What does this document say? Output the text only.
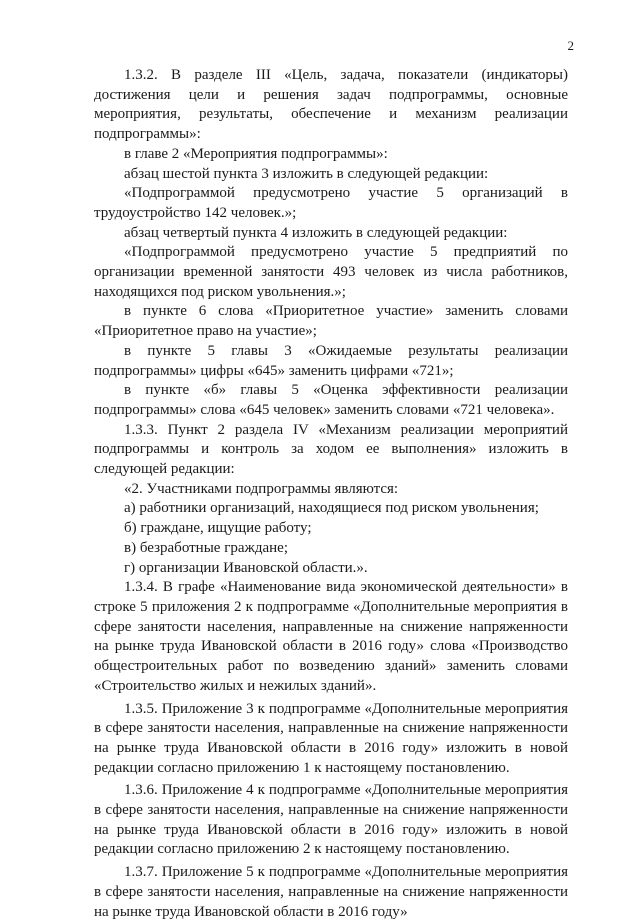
2

1.3.2. В разделе III «Цель, задача, показатели (индикаторы) достижения цели и решения задач подпрограммы, основные мероприятия, результаты, обеспечение и механизм реализации подпрограммы»:

в главе 2 «Мероприятия подпрограммы»:

абзац шестой пункта 3 изложить в следующей редакции:

«Подпрограммой предусмотрено участие 5 организаций в трудоустройство 142 человек.»;

абзац четвертый пункта 4 изложить в следующей редакции:

«Подпрограммой предусмотрено участие 5 предприятий по организации временной занятости 493 человек из числа работников, находящихся под риском увольнения.»;

в пункте 6 слова «Приоритетное участие» заменить словами «Приоритетное право на участие»;

в пункте 5 главы 3 «Ожидаемые результаты реализации подпрограммы» цифры «645» заменить цифрами «721»;

в пункте «б» главы 5 «Оценка эффективности реализации подпрограммы» слова «645 человек» заменить словами «721 человека».

1.3.3. Пункт 2 раздела IV «Механизм реализации мероприятий подпрограммы и контроль за ходом ее выполнения» изложить в следующей редакции:

«2. Участниками подпрограммы являются:

а) работники организаций, находящиеся под риском увольнения;

б) граждане, ищущие работу;

в) безработные граждане;

г) организации Ивановской области.».

1.3.4. В графе «Наименование вида экономической деятельности» в строке 5 приложения 2 к подпрограмме «Дополнительные мероприятия в сфере занятости населения, направленные на снижение напряженности на рынке труда Ивановской области в 2016 году» слова «Производство общестроительных работ по возведению зданий» заменить словами «Строительство жилых и нежилых зданий».

1.3.5. Приложение 3 к подпрограмме «Дополнительные мероприятия в сфере занятости населения, направленные на снижение напряженности на рынке труда Ивановской области в 2016 году» изложить в новой редакции согласно приложению 1 к настоящему постановлению.

1.3.6. Приложение 4 к подпрограмме «Дополнительные мероприятия в сфере занятости населения, направленные на снижение напряженности на рынке труда Ивановской области в 2016 году» изложить в новой редакции согласно приложению 2 к настоящему постановлению.

1.3.7. Приложение 5 к подпрограмме «Дополнительные мероприятия в сфере занятости населения, направленные на снижение напряженности на рынке труда Ивановской области в 2016 году»
